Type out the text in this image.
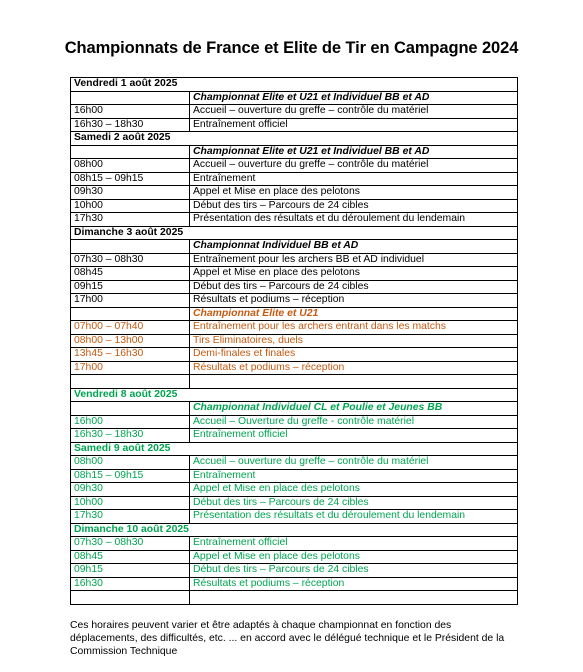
Championnats de France et Elite de Tir en Campagne 2024
Vendredi 1 août 2025	
	Championnat Elite et U21 et Individuel BB et AD
16h00	Accueil – ouverture du greffe – contrôle du matériel
16h30 – 18h30	Entraînement officiel
Samedi 2 août 2025	
	Championnat Elite et U21 et Individuel BB et AD
08h00	Accueil – ouverture du greffe – contrôle du matériel
08h15 – 09h15	Entraînement
09h30	Appel et Mise en place des pelotons
10h00	Début des tirs – Parcours de 24 cibles
17h30	Présentation des résultats et du déroulement du lendemain
Dimanche 3 août 2025	
	Championnat Individuel BB et AD
07h30 – 08h30	Entraînement pour les archers BB et AD individuel
08h45	Appel et Mise en place des pelotons
09h15	Début des tirs – Parcours de 24 cibles
17h00	Résultats et podiums – réception
	Championnat Elite et U21
07h00 – 07h40	Entraînement pour les archers entrant dans les matchs
08h00 – 13h00	Tirs Eliminatoires, duels
13h45 – 16h30	Demi-finales et finales
17h00	Résultats et podiums – réception

Vendredi 8 août 2025	
	Championnat Individuel CL et Poulie et Jeunes BB
16h00	Accueil – Ouverture du greffe - contrôle matériel
16h30 – 18h30	Entraînement officiel
Samedi 9 août 2025	
08h00	Accueil – ouverture du greffe – contrôle du matériel
08h15 – 09h15	Entraînement
09h30	Appel et Mise en place des pelotons
10h00	Début des tirs – Parcours de 24 cibles
17h30	Présentation des résultats et du déroulement du lendemain
Dimanche 10 août 2025	
07h30 – 08h30	Entraînement officiel
08h45	Appel et Mise en place des pelotons
09h15	Début des tirs – Parcours de 24 cibles
16h30	Résultats et podiums – réception

Ces horaires peuvent varier et être adaptés à chaque championnat en fonction des déplacements, des difficultés, etc. ... en accord avec le délégué technique et le Président de la Commission Technique
